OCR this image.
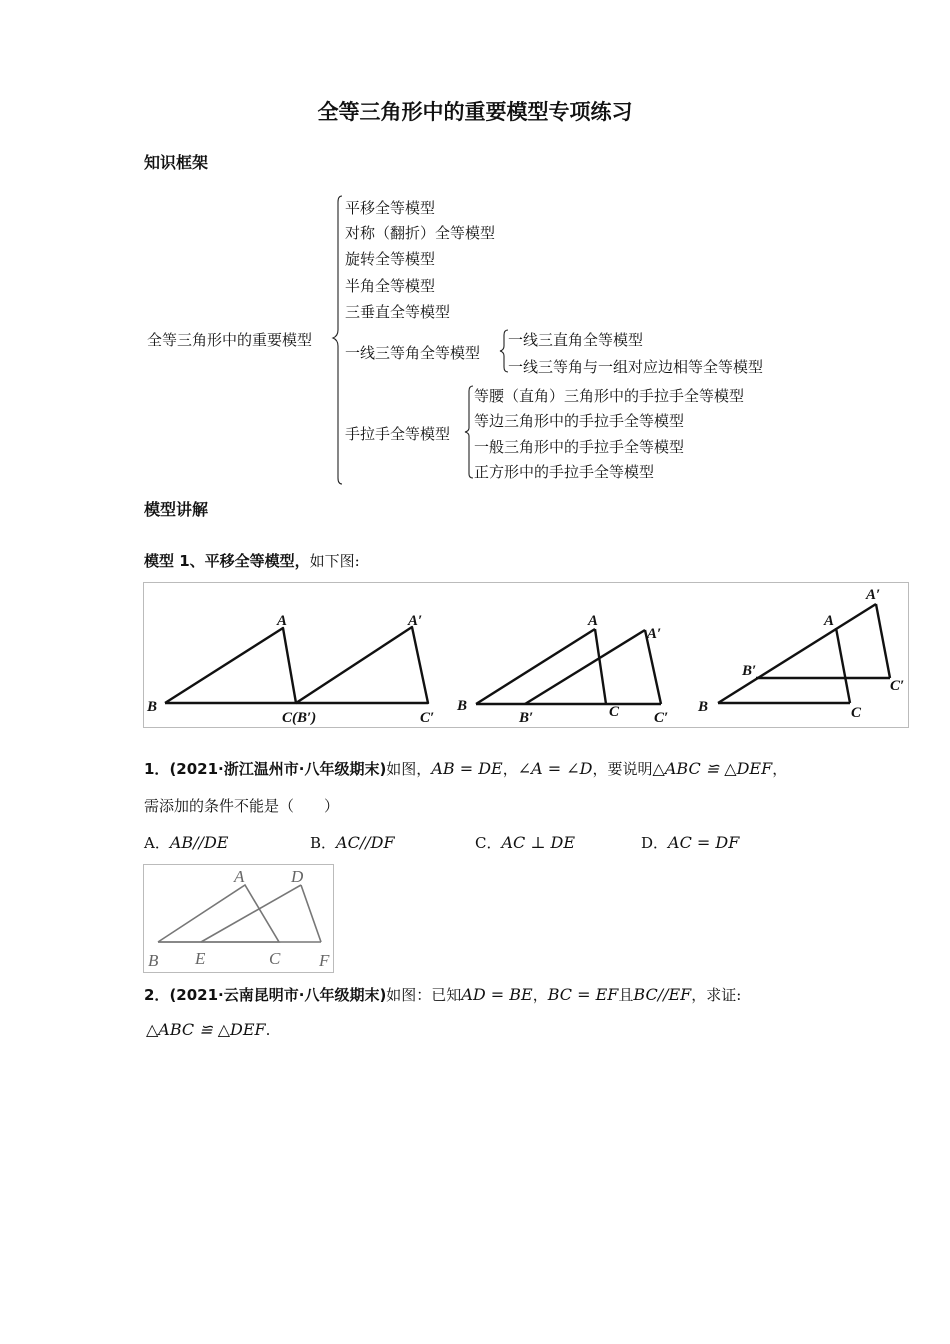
全等三角形中的重要模型专项练习
知识框架
全等三角形中的重要模型
平移全等模型
对称（翻折）全等模型
旋转全等模型
半角全等模型
三垂直全等模型
一线三等角全等模型
一线三直角全等模型
一线三等角与一组对应边相等全等模型
手拉手全等模型
等腰（直角）三角形中的手拉手全等模型
等边三角形中的手拉手全等模型
一般三角形中的手拉手全等模型
正方形中的手拉手全等模型
模型讲解
模型 1、平移全等模型，如下图:
B
A	A′
C(B′)	C′
B
A
A′
B′	C C′
B
A
A′
B′
C
C′
1．(2021·浙江温州市·八年级期末)如图，AB = DE，∠A = ∠D，要说明△ABC ≌ △DEF，
需添加的条件不能是（　　）
A．AB//DE	B．AC//DF	C．AC ⊥ DE	D．AC = DF
A	D
B E	C F
2．(2021·云南昆明市·八年级期末)如图：已知AD = BE，BC = EF且BC//EF，求证:
△ABC ≌ △DEF.
